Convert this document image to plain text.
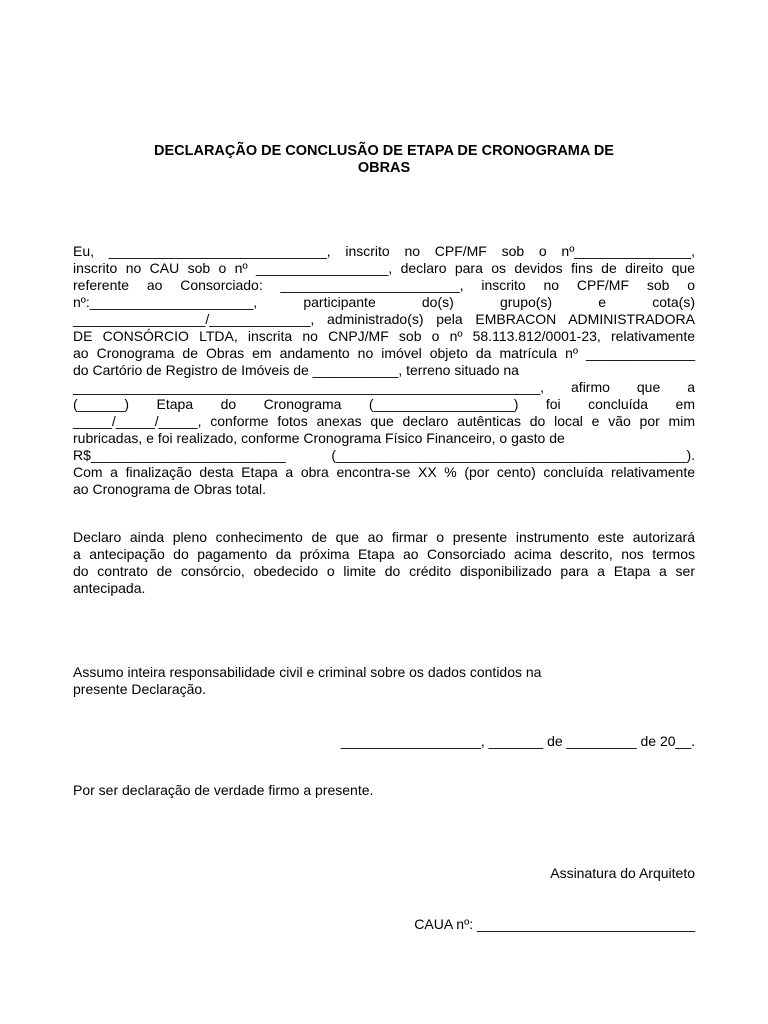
DECLARAÇÃO DE CONCLUSÃO DE ETAPA DE CRONOGRAMA DE
OBRAS
Eu, ____________________________, inscrito no CPF/MF sob o nº_______________,
inscrito no CAU sob o nº _________________, declaro para os devidos fins de direito que
referente ao Consorciado: _______________________, inscrito no CPF/MF sob o
nº:_____________________, participante do(s) grupo(s) e cota(s)
_________________/_____________, administrado(s) pela EMBRACON ADMINISTRADORA
DE CONSÓRCIO LTDA, inscrita no CNPJ/MF sob o nº 58.113.812/0001-23, relativamente
ao Cronograma de Obras em andamento no imóvel objeto da matrícula nº ______________
do Cartório de Registro de Imóveis de ___________, terreno situado na
____________________________________________________________, afirmo que a
(______) Etapa do Cronograma (__________________) foi concluída em
_____/_____/_____, conforme fotos anexas que declaro autênticas do local e vão por mim
rubricadas, e foi realizado, conforme Cronograma Físico Financeiro, o gasto de
R$_________________________ (_____________________________________________).
Com a finalização desta Etapa a obra encontra-se XX % (por cento) concluída relativamente
ao Cronograma de Obras total.
Declaro ainda pleno conhecimento de que ao firmar o presente instrumento este autorizará
a antecipação do pagamento da próxima Etapa ao Consorciado acima descrito, nos termos
do contrato de consórcio, obedecido o limite do crédito disponibilizado para a Etapa a ser
antecipada.
Assumo inteira responsabilidade civil e criminal sobre os dados contidos na
presente Declaração.
__________________, _______ de _________ de 20__.
Por ser declaração de verdade firmo a presente.
Assinatura do Arquiteto
CAUA nº: ____________________________
